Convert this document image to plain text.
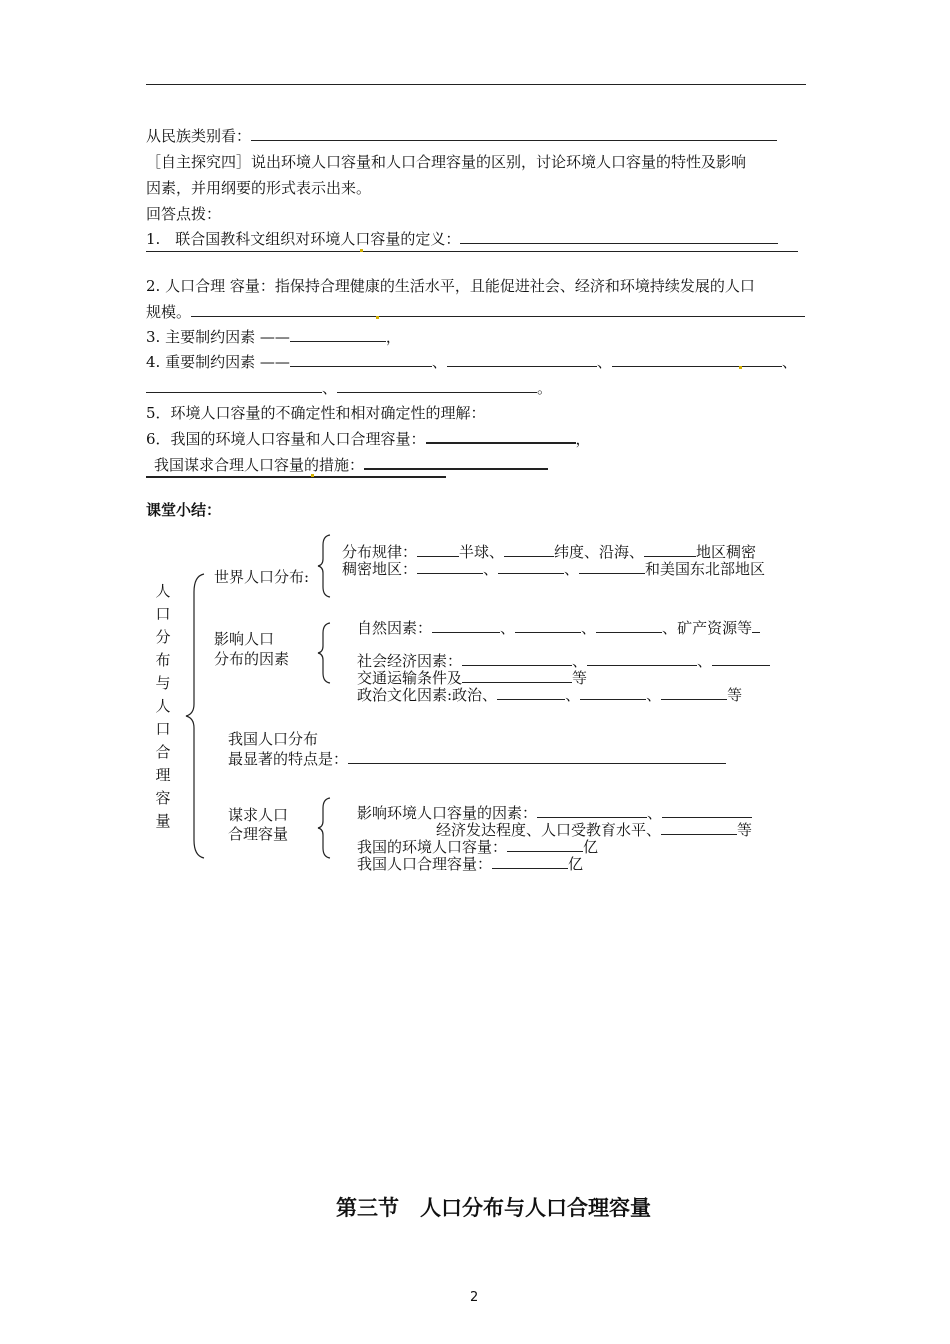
从民族类别看：
［自主探究四］说出环境人口容量和人口合理容量的区别，讨论环境人口容量的特性及影响
因素，并用纲要的形式表示出来。
回答点拨：
1.　联合国教科文组织对环境人口容量的定义：
2. 人口合理 容量：指保持合理健康的生活水平，且能促进社会、经济和环境持续发展的人口
规模。
3. 主要制约因素 ——	，
4. 重要制约因素 ——	、	、	、
、	。
5．环境人口容量的不确定性和相对确定性的理解：
6．我国的环境人口容量和人口合理容量：	，
我国谋求合理人口容量的措施：
课堂小结：
人口分布与人口合理容量
世界人口分布:
分布规律：	半球、	纬度、沿海、	地区稠密
稠密地区：	、	、	和美国东北部地区
影响人口
分布的因素
自然因素：	、	、	、矿产资源等
社会经济因素：	、	、
交通运输条件及	等
政治文化因素:政治、	、	、	等
我国人口分布
最显著的特点是：
谋求人口
合理容量
影响环境人口容量的因素：	、
经济发达程度、人口受教育水平、	等
我国的环境人口容量：	亿
我国人口合理容量：	亿
第三节　人口分布与人口合理容量
2
